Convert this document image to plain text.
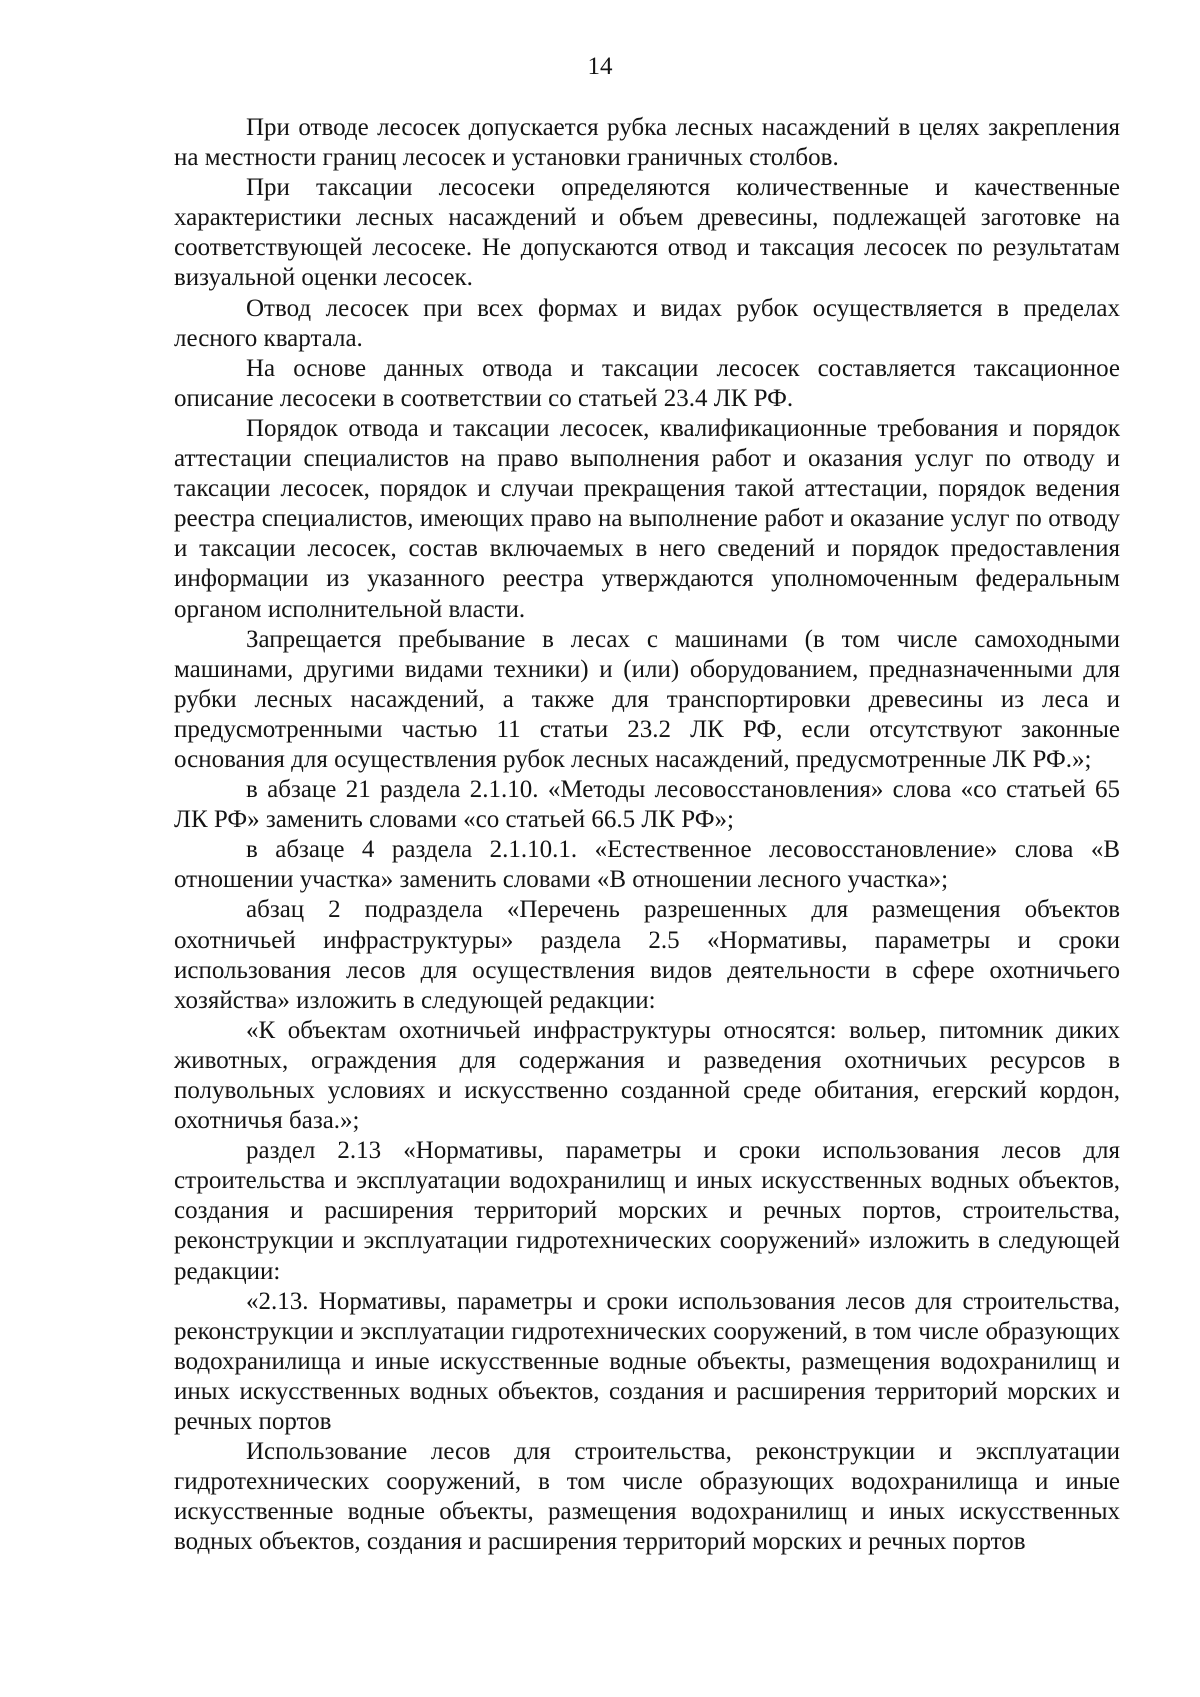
14

При отводе лесосек допускается рубка лесных насаждений в целях закрепления на местности границ лесосек и установки граничных столбов.

При таксации лесосеки определяются количественные и качественные характеристики лесных насаждений и объем древесины, подлежащей заготовке на соответствующей лесосеке. Не допускаются отвод и таксация лесосек по результатам визуальной оценки лесосек.

Отвод лесосек при всех формах и видах рубок осуществляется в пределах лесного квартала.

На основе данных отвода и таксации лесосек составляется таксационное описание лесосеки в соответствии со статьей 23.4 ЛК РФ.

Порядок отвода и таксации лесосек, квалификационные требования и порядок аттестации специалистов на право выполнения работ и оказания услуг по отводу и таксации лесосек, порядок и случаи прекращения такой аттестации, порядок ведения реестра специалистов, имеющих право на выполнение работ и оказание услуг по отводу и таксации лесосек, состав включаемых в него сведений и порядок предоставления информации из указанного реестра утверждаются уполномоченным федеральным органом исполнительной власти.

Запрещается пребывание в лесах с машинами (в том числе самоходными машинами, другими видами техники) и (или) оборудованием, предназначенными для рубки лесных насаждений, а также для транспортировки древесины из леса и предусмотренными частью 11 статьи 23.2 ЛК РФ, если отсутствуют законные основания для осуществления рубок лесных насаждений, предусмотренные ЛК РФ.»;

в абзаце 21 раздела 2.1.10. «Методы лесовосстановления» слова «со статьей 65 ЛК РФ» заменить словами «со статьей 66.5 ЛК РФ»;

в абзаце 4 раздела 2.1.10.1. «Естественное лесовосстановление» слова «В отношении участка» заменить словами «В отношении лесного участка»;

абзац 2 подраздела «Перечень разрешенных для размещения объектов охотничьей инфраструктуры» раздела 2.5 «Нормативы, параметры и сроки использования лесов для осуществления видов деятельности в сфере охотничьего хозяйства» изложить в следующей редакции:

«К объектам охотничьей инфраструктуры относятся: вольер, питомник диких животных, ограждения для содержания и разведения охотничьих ресурсов в полувольных условиях и искусственно созданной среде обитания, егерский кордон, охотничья база.»;

раздел 2.13 «Нормативы, параметры и сроки использования лесов для строительства и эксплуатации водохранилищ и иных искусственных водных объектов, создания и расширения территорий морских и речных портов, строительства, реконструкции и эксплуатации гидротехнических сооружений» изложить в следующей редакции:

«2.13. Нормативы, параметры и сроки использования лесов для строительства, реконструкции и эксплуатации гидротехнических сооружений, в том числе образующих водохранилища и иные искусственные водные объекты, размещения водохранилищ и иных искусственных водных объектов, создания и расширения территорий морских и речных портов

Использование лесов для строительства, реконструкции и эксплуатации гидротехнических сооружений, в том числе образующих водохранилища и иные искусственные водные объекты, размещения водохранилищ и иных искусственных водных объектов, создания и расширения территорий морских и речных портов
